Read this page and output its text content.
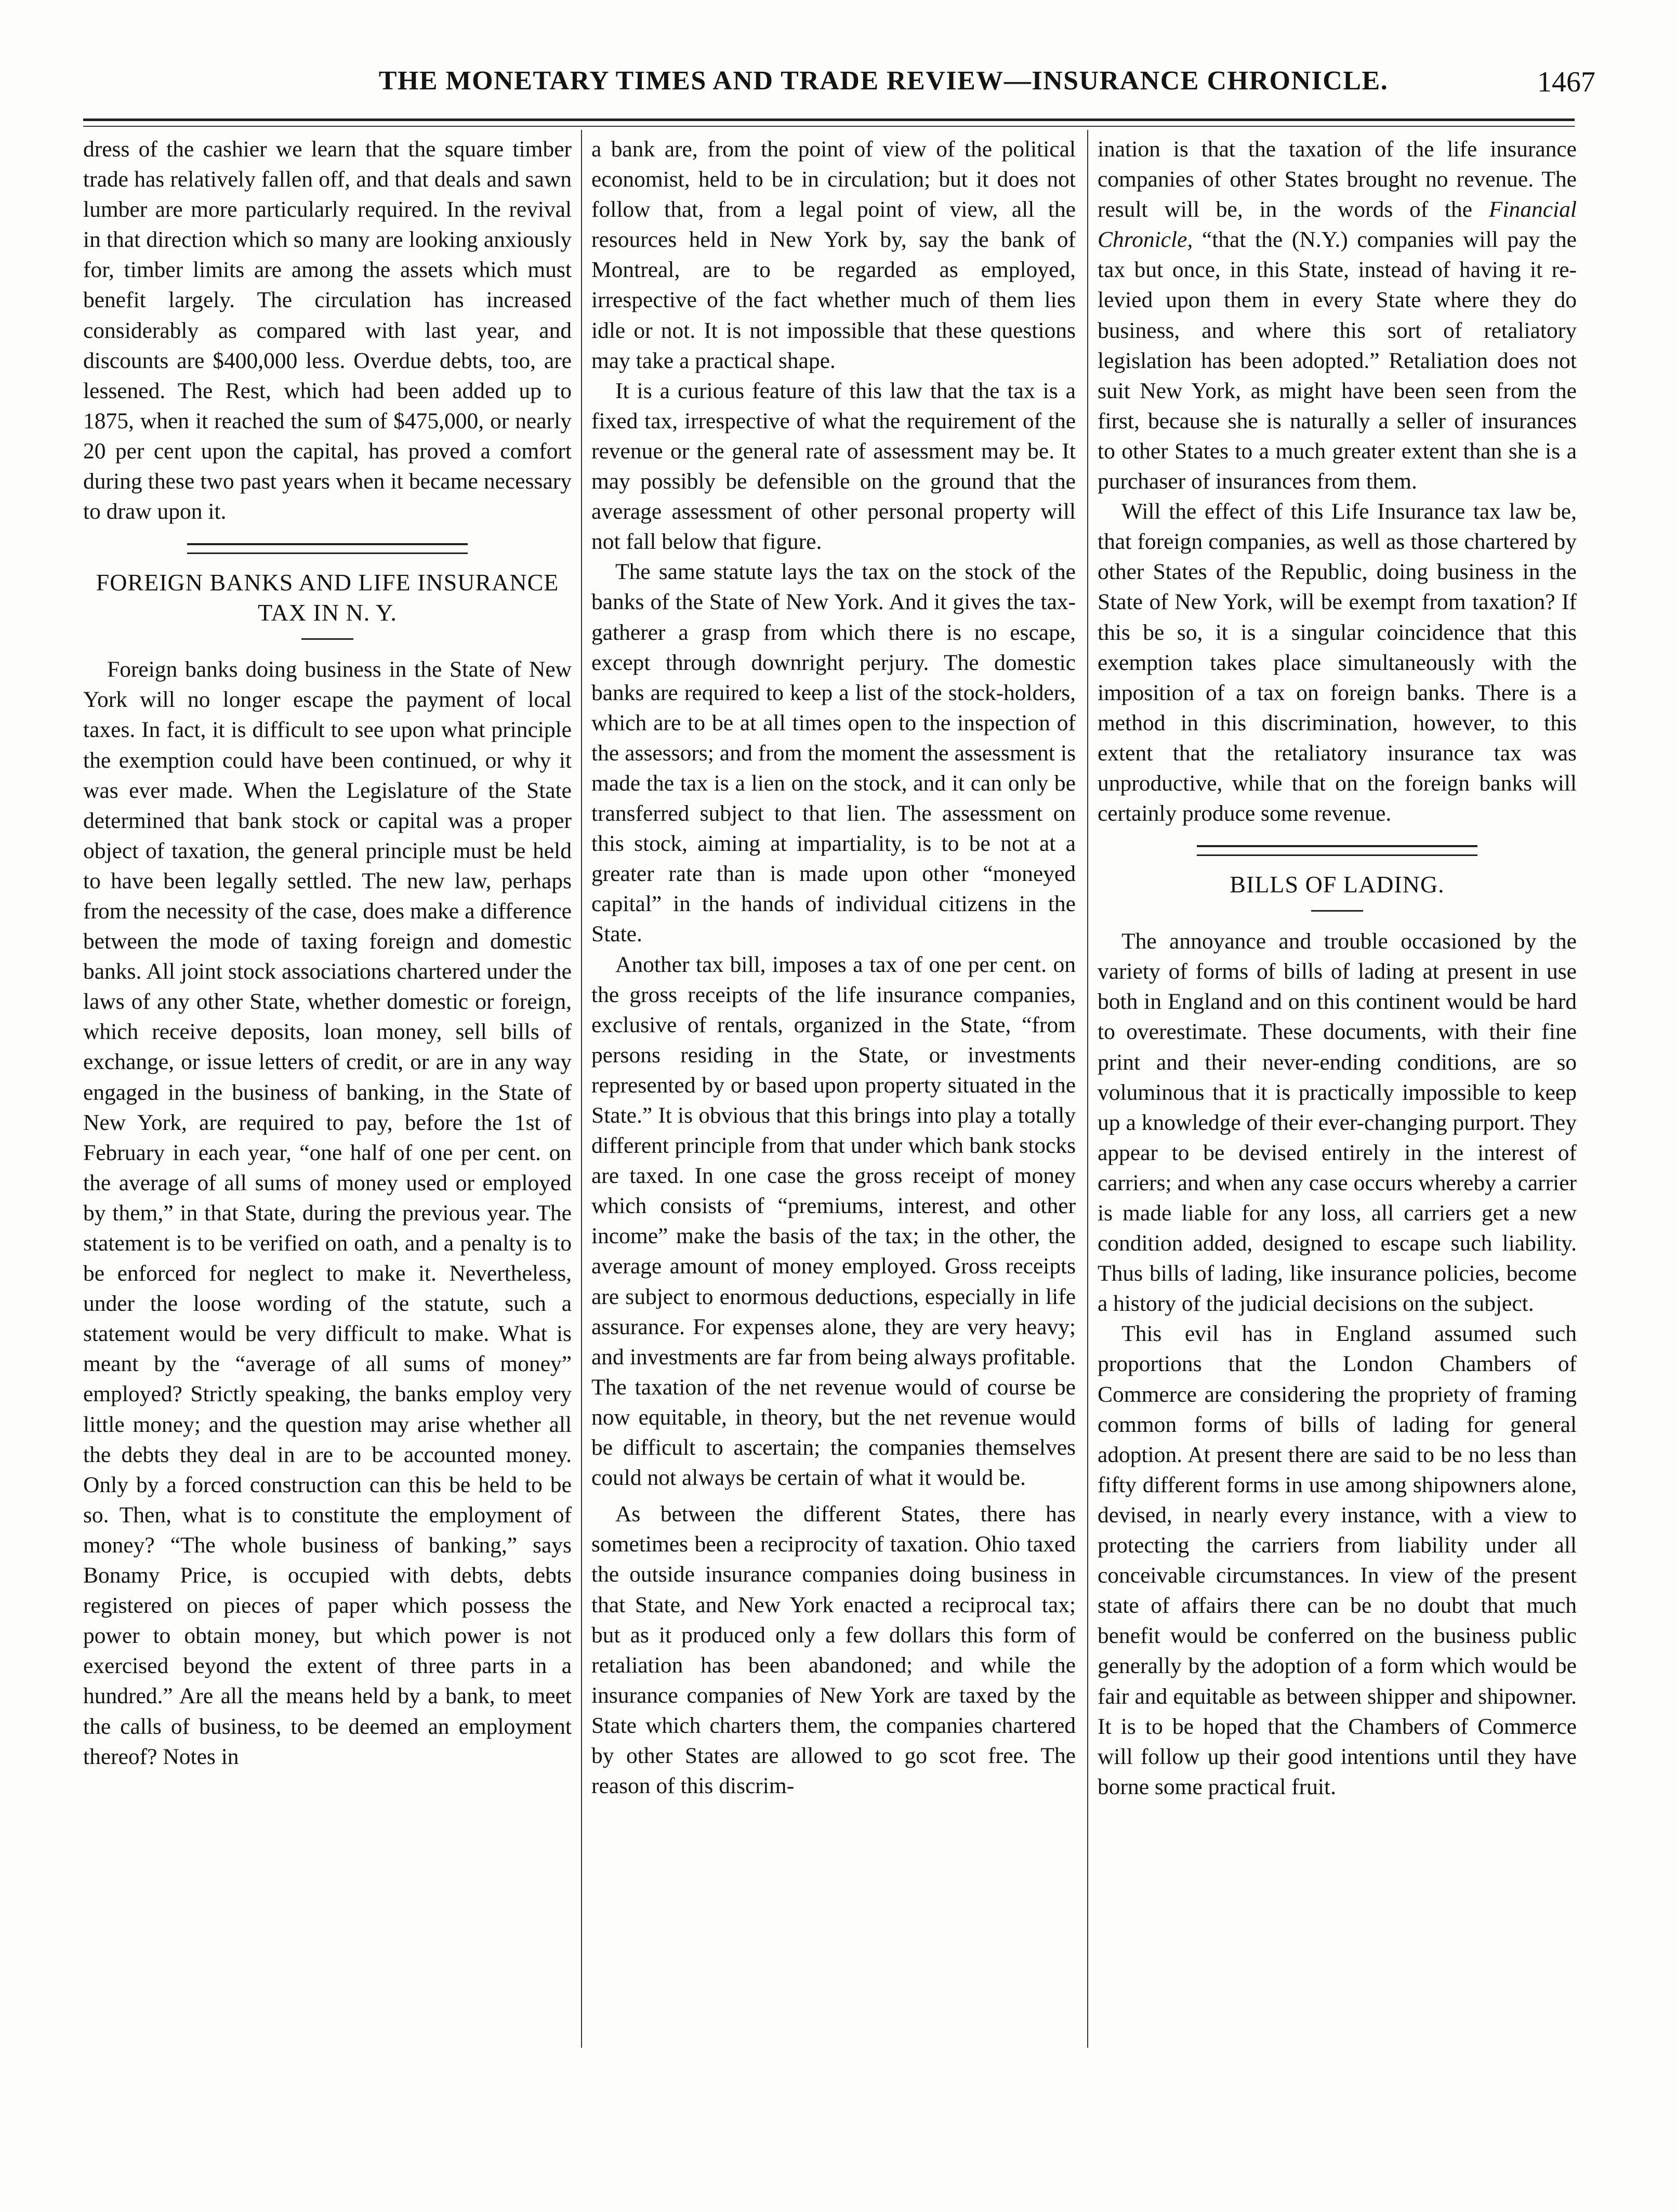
THE MONETARY TIMES AND TRADE REVIEW—INSURANCE CHRONICLE.	1467

dress of the cashier we learn that the square timber trade has relatively fallen off, and that deals and sawn lumber are more particularly required. In the revival in that direction which so many are looking anxiously for, timber limits are among the assets which must benefit largely. The circulation has increased considerably as compared with last year, and discounts are $400,000 less. Overdue debts, too, are lessened. The Rest, which had been added up to 1875, when it reached the sum of $475,000, or nearly 20 per cent upon the capital, has proved a comfort during these two past years when it became necessary to draw upon it.

FOREIGN BANKS AND LIFE INSURANCE TAX IN N. Y.

Foreign banks doing business in the State of New York will no longer escape the payment of local taxes. In fact, it is difficult to see upon what principle the exemption could have been continued, or why it was ever made. When the Legislature of the State determined that bank stock or capital was a proper object of taxation, the general principle must be held to have been legally settled. The new law, perhaps from the necessity of the case, does make a difference between the mode of taxing foreign and domestic banks. All joint stock associations chartered under the laws of any other State, whether domestic or foreign, which receive deposits, loan money, sell bills of exchange, or issue letters of credit, or are in any way engaged in the business of banking, in the State of New York, are required to pay, before the 1st of February in each year, “one half of one per cent. on the average of all sums of money used or employed by them,” in that State, during the previous year. The statement is to be verified on oath, and a penalty is to be enforced for neglect to make it. Nevertheless, under the loose wording of the statute, such a statement would be very difficult to make. What is meant by the “average of all sums of money” employed? Strictly speaking, the banks employ very little money; and the question may arise whether all the debts they deal in are to be accounted money. Only by a forced construction can this be held to be so. Then, what is to constitute the employment of money? “The whole business of banking,” says Bonamy Price, is occupied with debts, debts registered on pieces of paper which possess the power to obtain money, but which power is not exercised beyond the extent of three parts in a hundred.” Are all the means held by a bank, to meet the calls of business, to be deemed an employment thereof? Notes in

a bank are, from the point of view of the political economist, held to be in circulation; but it does not follow that, from a legal point of view, all the resources held in New York by, say the bank of Montreal, are to be regarded as employed, irrespective of the fact whether much of them lies idle or not. It is not impossible that these questions may take a practical shape.

It is a curious feature of this law that the tax is a fixed tax, irrespective of what the requirement of the revenue or the general rate of assessment may be. It may possibly be defensible on the ground that the average assessment of other personal property will not fall below that figure.

The same statute lays the tax on the stock of the banks of the State of New York. And it gives the tax-gatherer a grasp from which there is no escape, except through downright perjury. The domestic banks are required to keep a list of the stock-holders, which are to be at all times open to the inspection of the assessors; and from the moment the assessment is made the tax is a lien on the stock, and it can only be transferred subject to that lien. The assessment on this stock, aiming at impartiality, is to be not at a greater rate than is made upon other “moneyed capital” in the hands of individual citizens in the State.

Another tax bill, imposes a tax of one per cent. on the gross receipts of the life insurance companies, exclusive of rentals, organized in the State, “from persons residing in the State, or investments represented by or based upon property situated in the State.” It is obvious that this brings into play a totally different principle from that under which bank stocks are taxed. In one case the gross receipt of money which consists of “premiums, interest, and other income” make the basis of the tax; in the other, the average amount of money employed. Gross receipts are subject to enormous deductions, especially in life assurance. For expenses alone, they are very heavy; and investments are far from being always profitable. The taxation of the net revenue would of course be now equitable, in theory, but the net revenue would be difficult to ascertain; the companies themselves could not always be certain of what it would be.

As between the different States, there has sometimes been a reciprocity of taxation. Ohio taxed the outside insurance companies doing business in that State, and New York enacted a reciprocal tax; but as it produced only a few dollars this form of retaliation has been abandoned; and while the insurance companies of New York are taxed by the State which charters them, the companies chartered by other States are allowed to go scot free. The reason of this discrim-

ination is that the taxation of the life insurance companies of other States brought no revenue. The result will be, in the words of the Financial Chronicle, “that the (N.Y.) companies will pay the tax but once, in this State, instead of having it re-levied upon them in every State where they do business, and where this sort of retaliatory legislation has been adopted.” Retaliation does not suit New York, as might have been seen from the first, because she is naturally a seller of insurances to other States to a much greater extent than she is a purchaser of insurances from them.

Will the effect of this Life Insurance tax law be, that foreign companies, as well as those chartered by other States of the Republic, doing business in the State of New York, will be exempt from taxation? If this be so, it is a singular coincidence that this exemption takes place simultaneously with the imposition of a tax on foreign banks. There is a method in this discrimination, however, to this extent that the retaliatory insurance tax was unproductive, while that on the foreign banks will certainly produce some revenue.

BILLS OF LADING.

The annoyance and trouble occasioned by the variety of forms of bills of lading at present in use both in England and on this continent would be hard to overestimate. These documents, with their fine print and their never-ending conditions, are so voluminous that it is practically impossible to keep up a knowledge of their ever-changing purport. They appear to be devised entirely in the interest of carriers; and when any case occurs whereby a carrier is made liable for any loss, all carriers get a new condition added, designed to escape such liability. Thus bills of lading, like insurance policies, become a history of the judicial decisions on the subject.

This evil has in England assumed such proportions that the London Chambers of Commerce are considering the propriety of framing common forms of bills of lading for general adoption. At present there are said to be no less than fifty different forms in use among shipowners alone, devised, in nearly every instance, with a view to protecting the carriers from liability under all conceivable circumstances. In view of the present state of affairs there can be no doubt that much benefit would be conferred on the business public generally by the adoption of a form which would be fair and equitable as between shipper and shipowner. It is to be hoped that the Chambers of Commerce will follow up their good intentions until they have borne some practical fruit.
